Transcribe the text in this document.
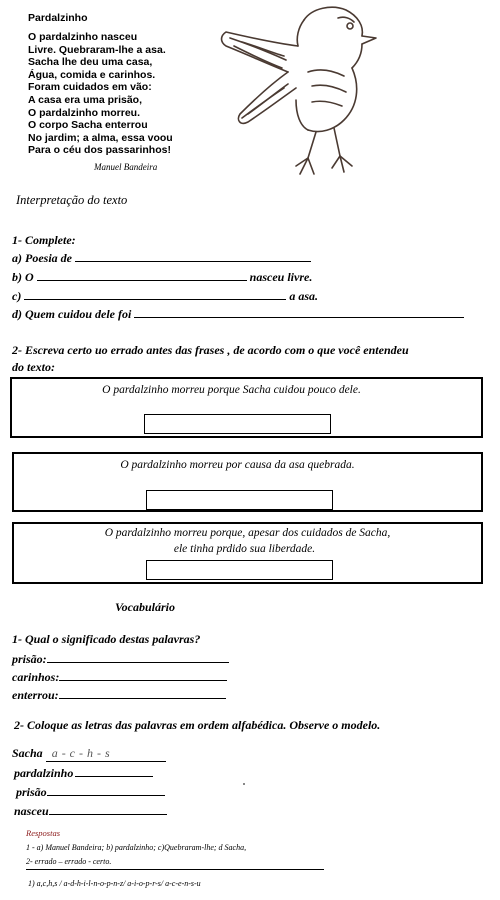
Pardalzinho
O pardalzinho nasceu
Livre. Quebraram-lhe a asa.
Sacha lhe deu uma casa,
Água, comida e carinhos.
Foram cuidados em vão:
A casa era uma prisão,
O pardalzinho morreu.
O corpo Sacha enterrou
No jardim; a alma, essa voou
Para o céu dos passarinhos!
Manuel Bandeira
Interpretação do texto
1- Complete:
a) Poesia de
b) O	nasceu livre.
c)	a asa.
d) Quem cuidou dele foi
2- Escreva certo uo errado antes das frases , de acordo com o que você entendeu
do texto:
O pardalzinho morreu porque Sacha cuidou pouco dele.
O pardalzinho morreu por causa da asa quebrada.
O pardalzinho morreu porque, apesar dos cuidados de Sacha,
ele tinha prdido sua liberdade.
Vocabulário
1- Qual o significado destas palavras?
prisão:
carinhos:
enterrou:
2- Coloque as letras das palavras em ordem alfabédica. Observe o modelo.
Sacha a - c - h - s
pardalzinho
prisão
nasceu
Respostas
1 - a) Manuel Bandeira; b) pardalzinho; c)Quebraram-lhe; d Sacha,
2- errado – errado - certo.
1) a,c,h,s / a-d-h-i-l-n-o-p-n-z/ a-i-o-p-r-s/ a-c-e-n-s-u
